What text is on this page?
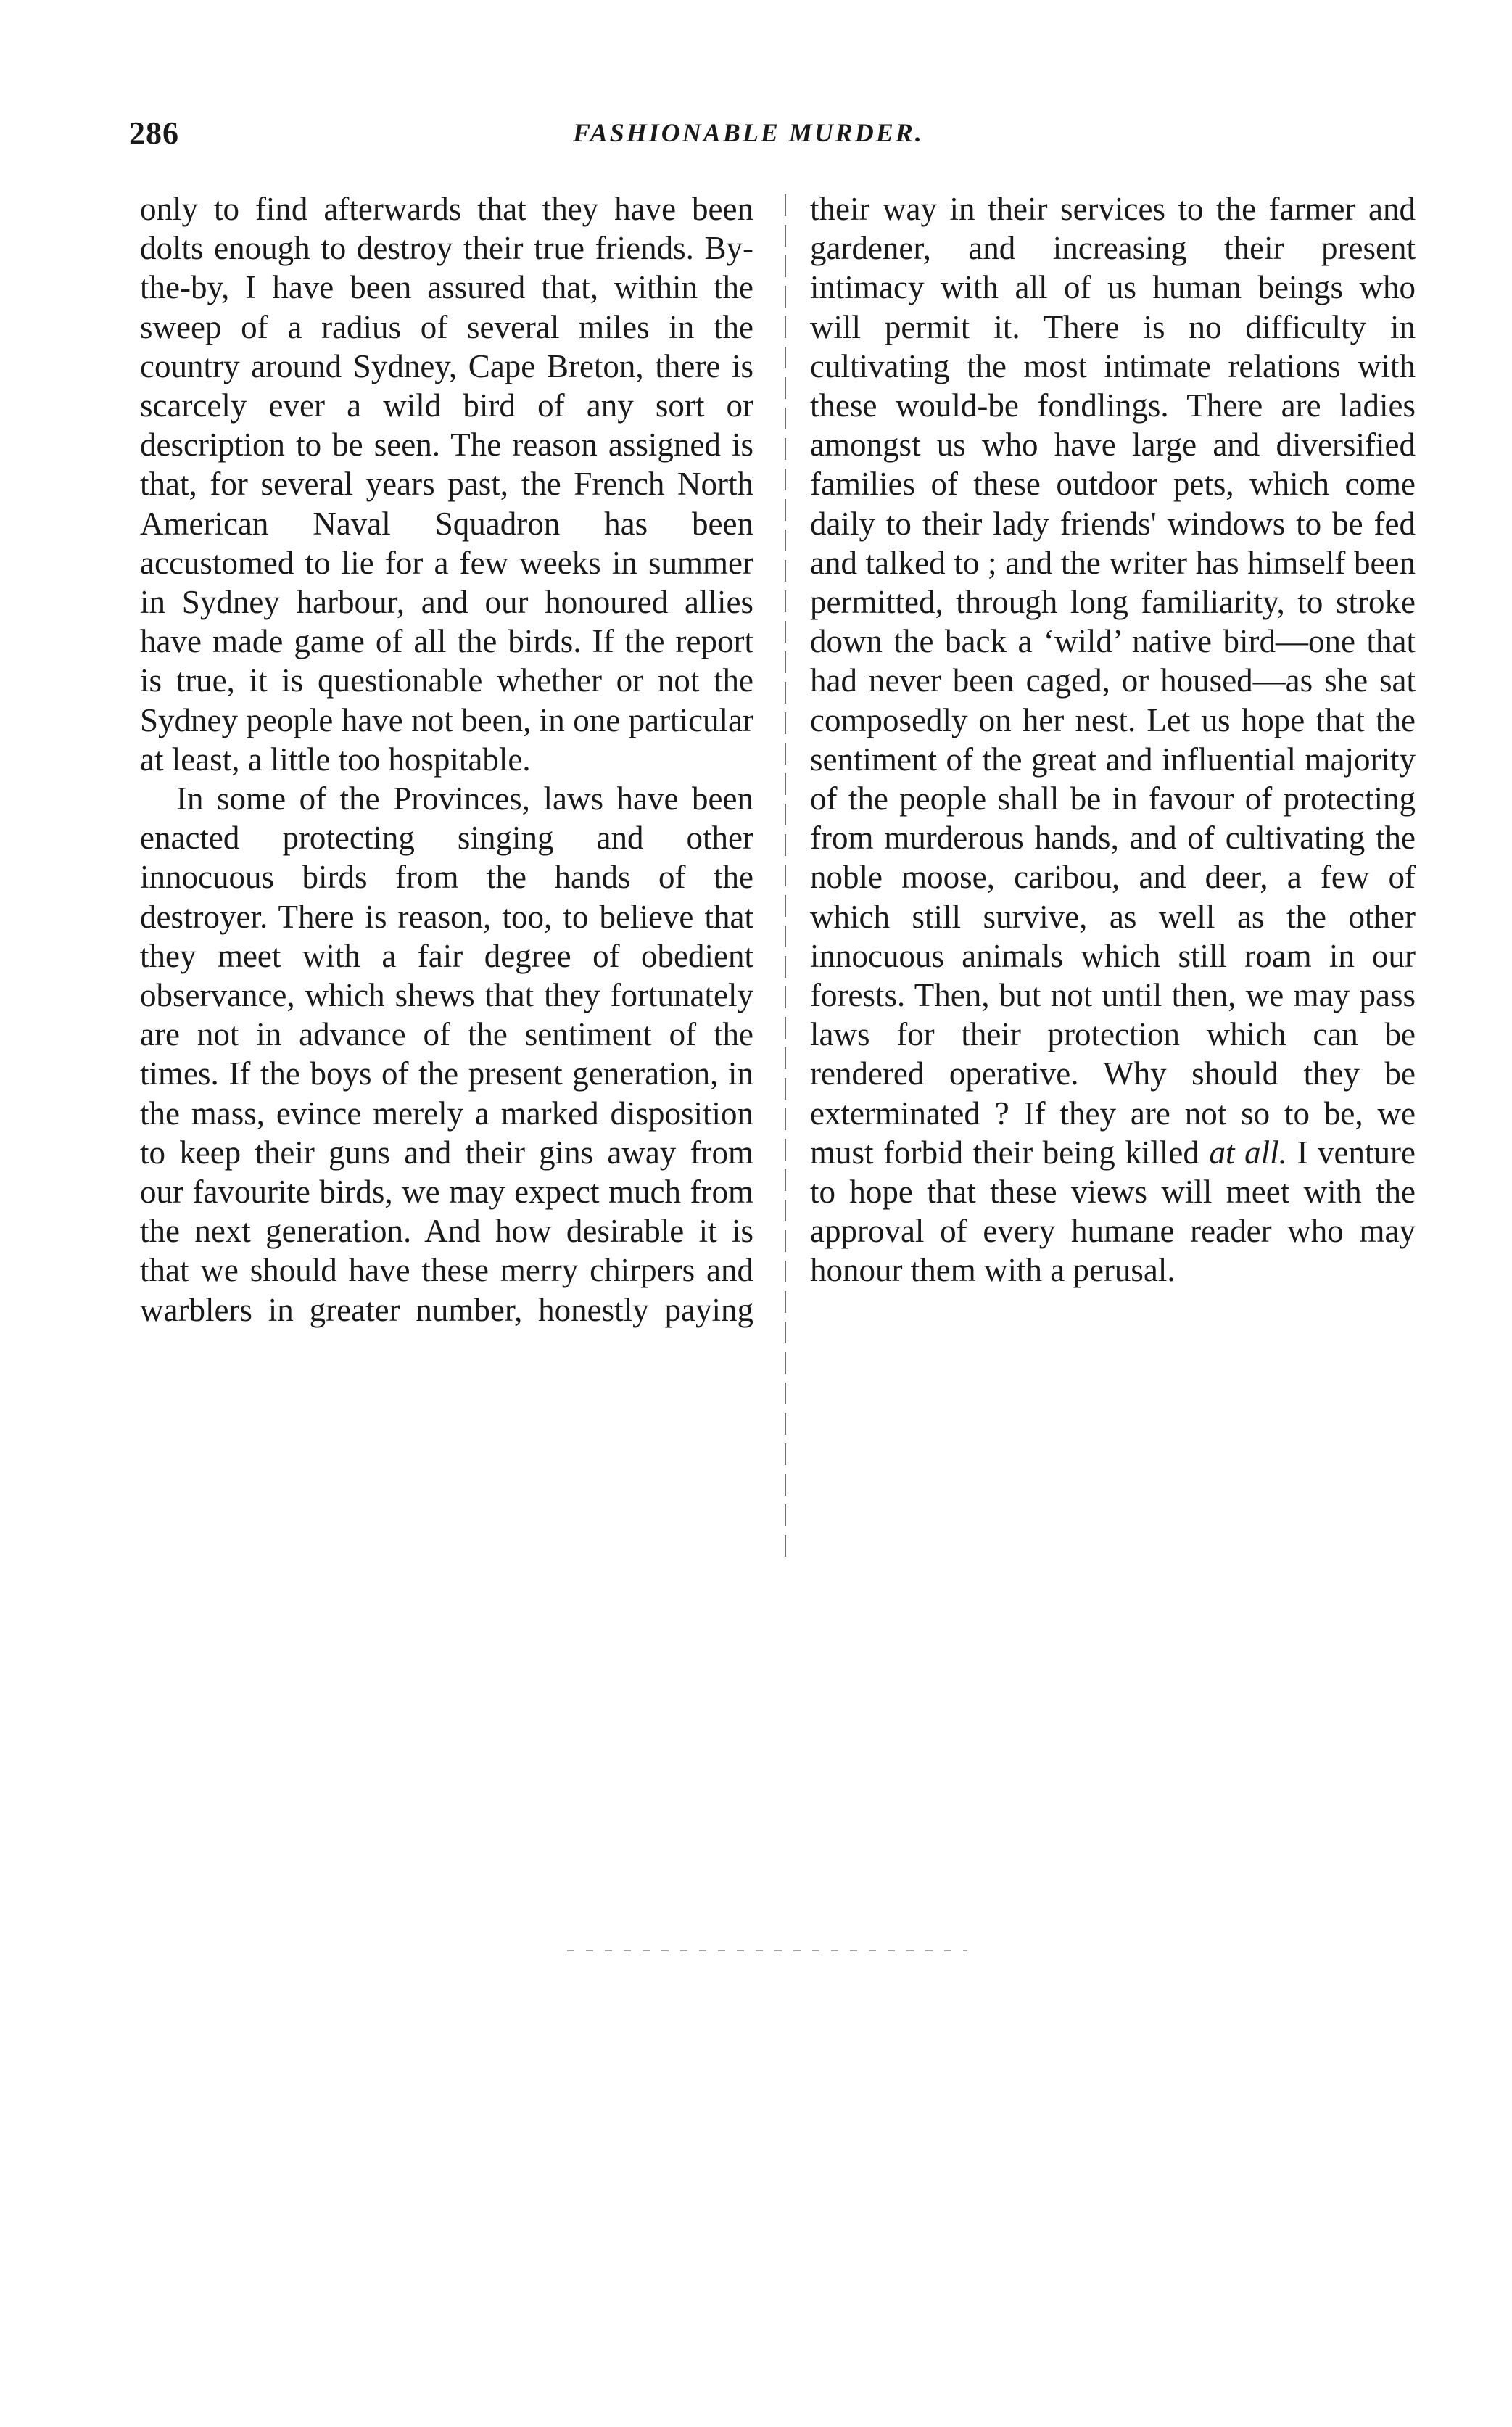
286	FASHIONABLE MURDER.

only to find afterwards that they have been dolts enough to destroy their true friends. By-the-by, I have been assured that, within the sweep of a radius of several miles in the country around Sydney, Cape Breton, there is scarcely ever a wild bird of any sort or description to be seen. The reason assigned is that, for several years past, the French North American Naval Squadron has been accustomed to lie for a few weeks in summer in Sydney harbour, and our honoured allies have made game of all the birds. If the report is true, it is questionable whether or not the Sydney people have not been, in one particular at least, a little too hospitable.

In some of the Provinces, laws have been enacted protecting singing and other innocuous birds from the hands of the destroyer. There is reason, too, to believe that they meet with a fair degree of obedient observance, which shews that they fortunately are not in advance of the sentiment of the times. If the boys of the present generation, in the mass, evince merely a marked disposition to keep their guns and their gins away from our favourite birds, we may expect much from the next generation. And how desirable it is that we should have these merry chirpers and warblers in greater number, honestly paying

their way in their services to the farmer and gardener, and increasing their present intimacy with all of us human beings who will permit it. There is no difficulty in cultivating the most intimate relations with these would-be fondlings. There are ladies amongst us who have large and diversified families of these outdoor pets, which come daily to their lady friends' windows to be fed and talked to ; and the writer has himself been permitted, through long familiarity, to stroke down the back a ‘wild’ native bird—one that had never been caged, or housed—as she sat composedly on her nest. Let us hope that the sentiment of the great and influential majority of the people shall be in favour of protecting from murderous hands, and of cultivating the noble moose, caribou, and deer, a few of which still survive, as well as the other innocuous animals which still roam in our forests. Then, but not until then, we may pass laws for their protection which can be rendered operative. Why should they be exterminated ? If they are not so to be, we must forbid their being killed at all. I venture to hope that these views will meet with the approval of every humane reader who may honour them with a perusal.
